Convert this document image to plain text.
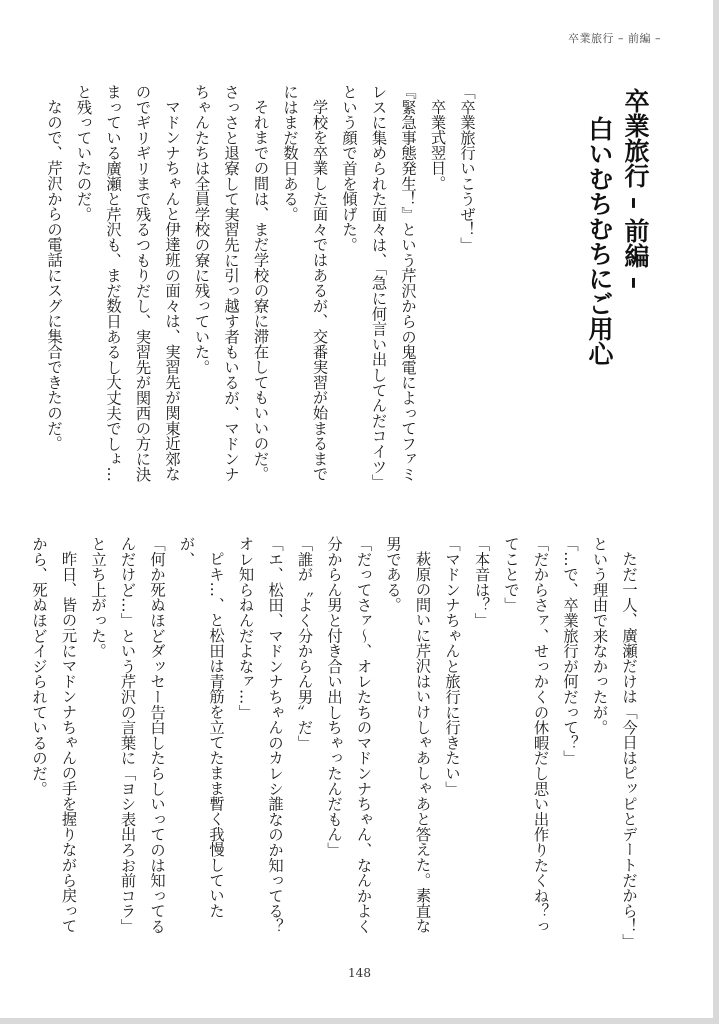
卒業旅行 – 前編 –
卒業旅行 – 前編 –
白いむちむちにご用心

「卒業旅行いこうぜ！」

卒業式翌日。

『緊急事態発生！』という芹沢からの鬼電によってファミレスに集められた面々は、「急に何言い出してんだコイツ」という顔で首を傾げた。

学校を卒業した面々ではあるが、交番実習が始まるまでにはまだ数日ある。

それまでの間は、まだ学校の寮に滞在してもいいのだ。さっさと退寮して実習先に引っ越す者もいるが、マドンナちゃんたちは全員学校の寮に残っていた。

マドンナちゃんと伊達班の面々は、実習先が関東近郊なのでギリギリまで残るつもりだし、実習先が関西の方に決まっている廣瀬と芹沢も、まだ数日あるし大丈夫でしょ…と残っていたのだ。

なので、芹沢からの電話にスグに集合できたのだ。

ただ一人、廣瀬だけは「今日はピッピとデートだから！」という理由で来なかったが。

「…で、卒業旅行が何だって？」

「だからさァ、せっかくの休暇だし思い出作りたくね？ってことで」

「本音は？」

「マドンナちゃんと旅行に行きたい」

萩原の問いに芹沢はいけしゃあしゃあと答えた。素直な男である。

「だってさァ〜、オレたちのマドンナちゃん、なんかよく分からん男と付き合い出しちゃったんだもん」

「誰が〝よく分からん男〟だ」

「エ、松田、マドンナちゃんのカレシ誰なのか知ってる？オレ知らねんだよなァ…」

ピキ…、と松田は青筋を立てたまま暫く我慢していたが、

「何か死ぬほどダッセー告白したらしいってのは知ってるんだけど…」という芹沢の言葉に「ヨシ表出ろお前コラ」と立ち上がった。

昨日、皆の元にマドンナちゃんの手を握りながら戻ってから、死ぬほどイジられているのだ。

148
